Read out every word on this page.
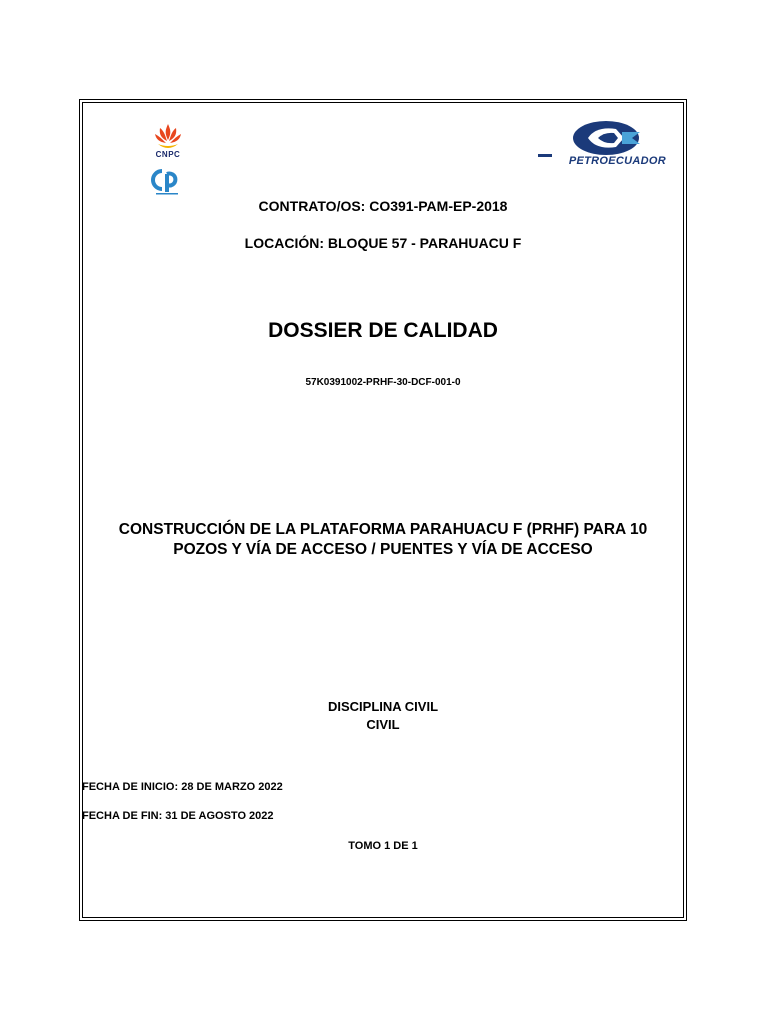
CNPC
PETROECUADOR
CONTRATO/OS: CO391-PAM-EP-2018
LOCACIÓN: BLOQUE 57 - PARAHUACU F
DOSSIER DE CALIDAD
57K0391002-PRHF-30-DCF-001-0
CONSTRUCCIÓN DE LA PLATAFORMA PARAHUACU F (PRHF) PARA 10
POZOS Y VÍA DE ACCESO / PUENTES Y VÍA DE ACCESO
DISCIPLINA CIVIL
CIVIL
FECHA DE INICIO: 28 DE MARZO 2022
FECHA DE FIN: 31 DE AGOSTO 2022
TOMO 1 DE 1
